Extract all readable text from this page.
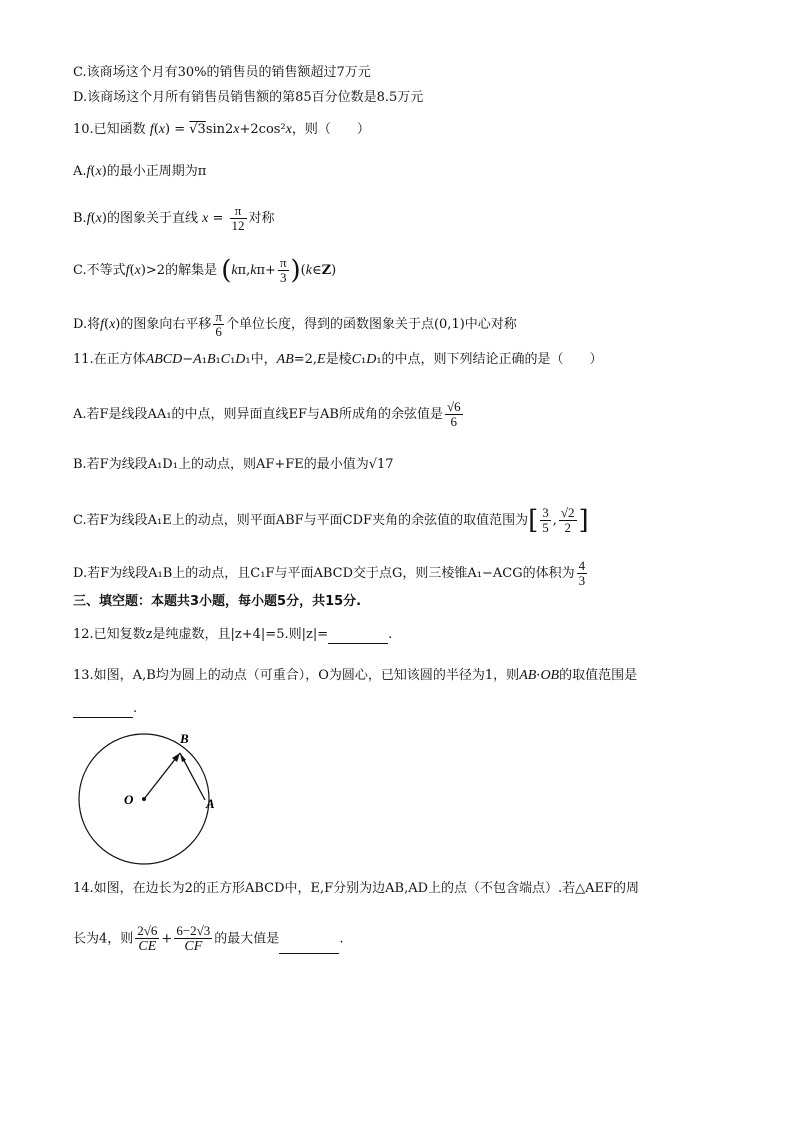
C.该商场这个月有30%的销售员的销售额超过7万元
D.该商场这个月所有销售员销售额的第85百分位数是8.5万元
10.已知函数 f(x) = √3sin2x+2cos²x，则（　　）
A.f(x)的最小正周期为π
B.f(x)的图象关于直线 $x = \frac{\pi}{12}$ 对称
C.不等式f(x)>2的解集是 ($k\pi,k\pi+ \frac{\pi}{3}$ )(k∈Z)
D.将f(x)的图象向右平移 $\frac{\pi}{6}$ 个单位长度，得到的函数图象关于点(0,1)中心对称
11.在正方体ABCD−A₁B₁C₁D₁中，AB=2,E是棱C₁D₁的中点，则下列结论正确的是（　　）
A.若F是线段AA₁的中点，则异面直线EF与AB所成角的余弦值是 $\frac{√6}{6}$
B.若F为线段A₁D₁上的动点，则AF+FE的最小值为√17
C.若F为线段A₁E上的动点，则平面ABF与平面CDF夹角的余弦值的取值范围为[ $\frac{3}{5}$ , $\frac{√2}{2}$ ]
D.若F为线段A₁B上的动点，且C₁F与平面ABCD交于点G，则三棱锥A₁−ACG的体积为 $\frac{4}{3}$
三、填空题：本题共3小题，每小题5分，共15分.
12.已知复数z是纯虚数，且|z+4|=5.则|z|=	.
13.如图，A,B均为圆上的动点（可重合），O为圆心，已知该圆的半径为1，则AB·OB的取值范围是
.
O
B
A
14.如图，在边长为2的正方形ABCD中，E,F分别为边AB,AD上的点（不包含端点）.若△AEF的周
长为4，则 $\frac{2√6}{CE} + \frac{6-2√3}{CF}$ 的最大值是	.
